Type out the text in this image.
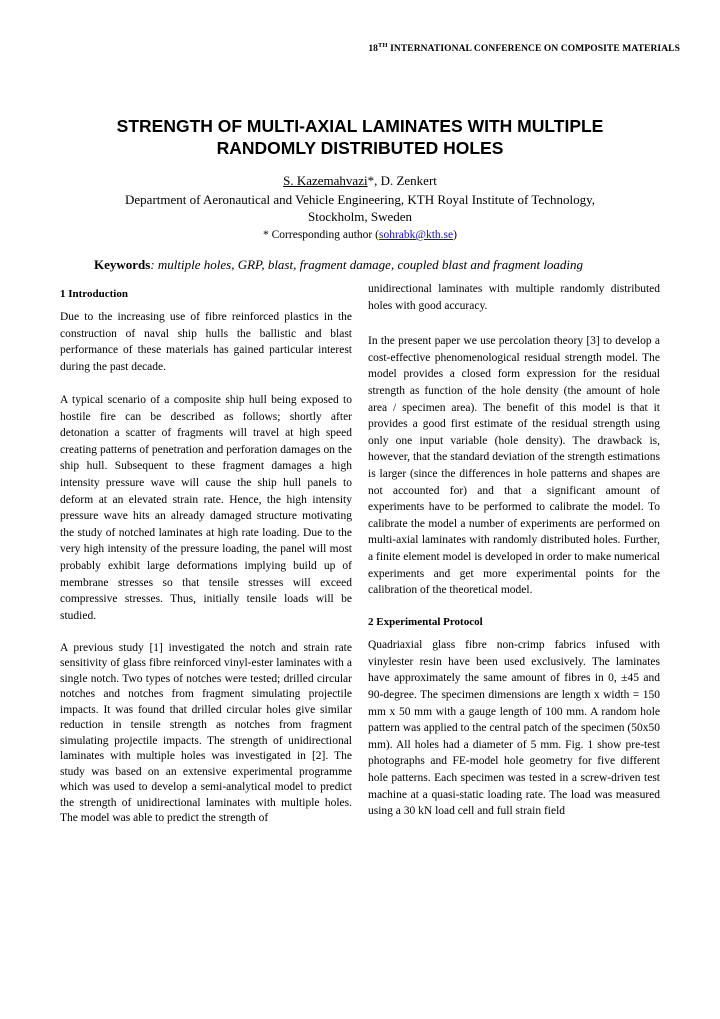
18TH INTERNATIONAL CONFERENCE ON COMPOSITE MATERIALS
STRENGTH OF MULTI-AXIAL LAMINATES WITH MULTIPLE
RANDOMLY DISTRIBUTED HOLES
S. Kazemahvazi*, D. Zenkert
Department of Aeronautical and Vehicle Engineering, KTH Royal Institute of Technology,
Stockholm, Sweden
* Corresponding author (sohrabk@kth.se)
Keywords: multiple holes, GRP, blast, fragment damage, coupled blast and fragment loading
1 Introduction

Due to the increasing use of fibre reinforced plastics in the construction of naval ship hulls the ballistic and blast performance of these materials has gained particular interest during the past decade.

A typical scenario of a composite ship hull being exposed to hostile fire can be described as follows; shortly after detonation a scatter of fragments will travel at high speed creating patterns of penetration and perforation damages on the ship hull. Subsequent to these fragment damages a high intensity pressure wave will cause the ship hull panels to deform at an elevated strain rate. Hence, the high intensity pressure wave hits an already damaged structure motivating the study of notched laminates at high rate loading. Due to the very high intensity of the pressure loading, the panel will most probably exhibit large deformations implying build up of membrane stresses so that tensile stresses will exceed compressive stresses. Thus, initially tensile loads will be studied.

A previous study [1] investigated the notch and strain rate sensitivity of glass fibre reinforced vinyl-ester laminates with a single notch. Two types of notches were tested; drilled circular notches and notches from fragment simulating projectile impacts. It was found that drilled circular holes give similar reduction in tensile strength as notches from fragment simulating projectile impacts. The strength of unidirectional laminates with multiple holes was investigated in [2]. The study was based on an extensive experimental programme which was used to develop a semi-analytical model to predict the strength of unidirectional laminates with multiple holes. The model was able to predict the strength of

unidirectional laminates with multiple randomly distributed holes with good accuracy.

In the present paper we use percolation theory [3] to develop a cost-effective phenomenological residual strength model. The model provides a closed form expression for the residual strength as function of the hole density (the amount of hole area / specimen area). The benefit of this model is that it provides a good first estimate of the residual strength using only one input variable (hole density). The drawback is, however, that the standard deviation of the strength estimations is larger (since the differences in hole patterns and shapes are not accounted for) and that a significant amount of experiments have to be performed to calibrate the model. To calibrate the model a number of experiments are performed on multi-axial laminates with randomly distributed holes. Further, a finite element model is developed in order to make numerical experiments and get more experimental points for the calibration of the theoretical model.

2 Experimental Protocol

Quadriaxial glass fibre non-crimp fabrics infused with vinylester resin have been used exclusively. The laminates have approximately the same amount of fibres in 0, ±45 and 90-degree. The specimen dimensions are length x width = 150 mm x 50 mm with a gauge length of 100 mm. A random hole pattern was applied to the central patch of the specimen (50x50 mm). All holes had a diameter of 5 mm. Fig. 1 show pre-test photographs and FE-model hole geometry for five different hole patterns. Each specimen was tested in a screw-driven test machine at a quasi-static loading rate. The load was measured using a 30 kN load cell and full strain field
